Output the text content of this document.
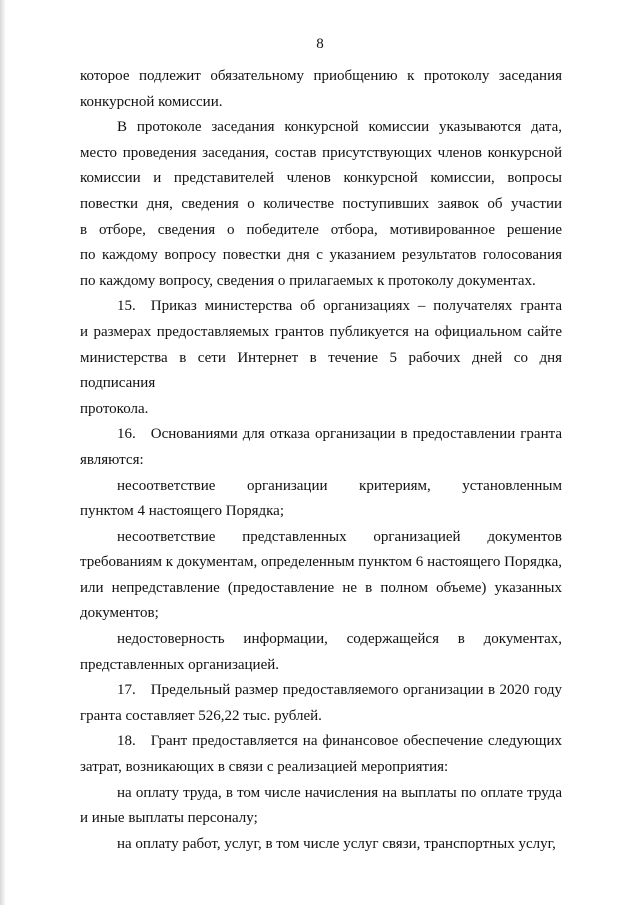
8
которое подлежит обязательному приобщению к протоколу заседания
конкурсной комиссии.
В протоколе заседания конкурсной комиссии указываются дата,
место проведения заседания, состав присутствующих членов конкурсной
комиссии и представителей членов конкурсной комиссии, вопросы
повестки дня, сведения о количестве поступивших заявок об участии
в отборе, сведения о победителе отбора, мотивированное решение
по каждому вопросу повестки дня с указанием результатов голосования
по каждому вопросу, сведения о прилагаемых к протоколу документах.
15. Приказ министерства об организациях – получателях гранта
и размерах предоставляемых грантов публикуется на официальном сайте
министерства в сети Интернет в течение 5 рабочих дней со дня подписания
протокола.
16. Основаниями для отказа организации в предоставлении гранта
являются:
несоответствие организации критериям, установленным
пунктом 4 настоящего Порядка;
несоответствие представленных организацией документов
требованиям к документам, определенным пунктом 6 настоящего Порядка,
или непредставление (предоставление не в полном объеме) указанных
документов;
недостоверность информации, содержащейся в документах,
представленных организацией.
17. Предельный размер предоставляемого организации в 2020 году
гранта составляет 526,22 тыс. рублей.
18. Грант предоставляется на финансовое обеспечение следующих
затрат, возникающих в связи с реализацией мероприятия:
на оплату труда, в том числе начисления на выплаты по оплате труда
и иные выплаты персоналу;
на оплату работ, услуг, в том числе услуг связи, транспортных услуг,
